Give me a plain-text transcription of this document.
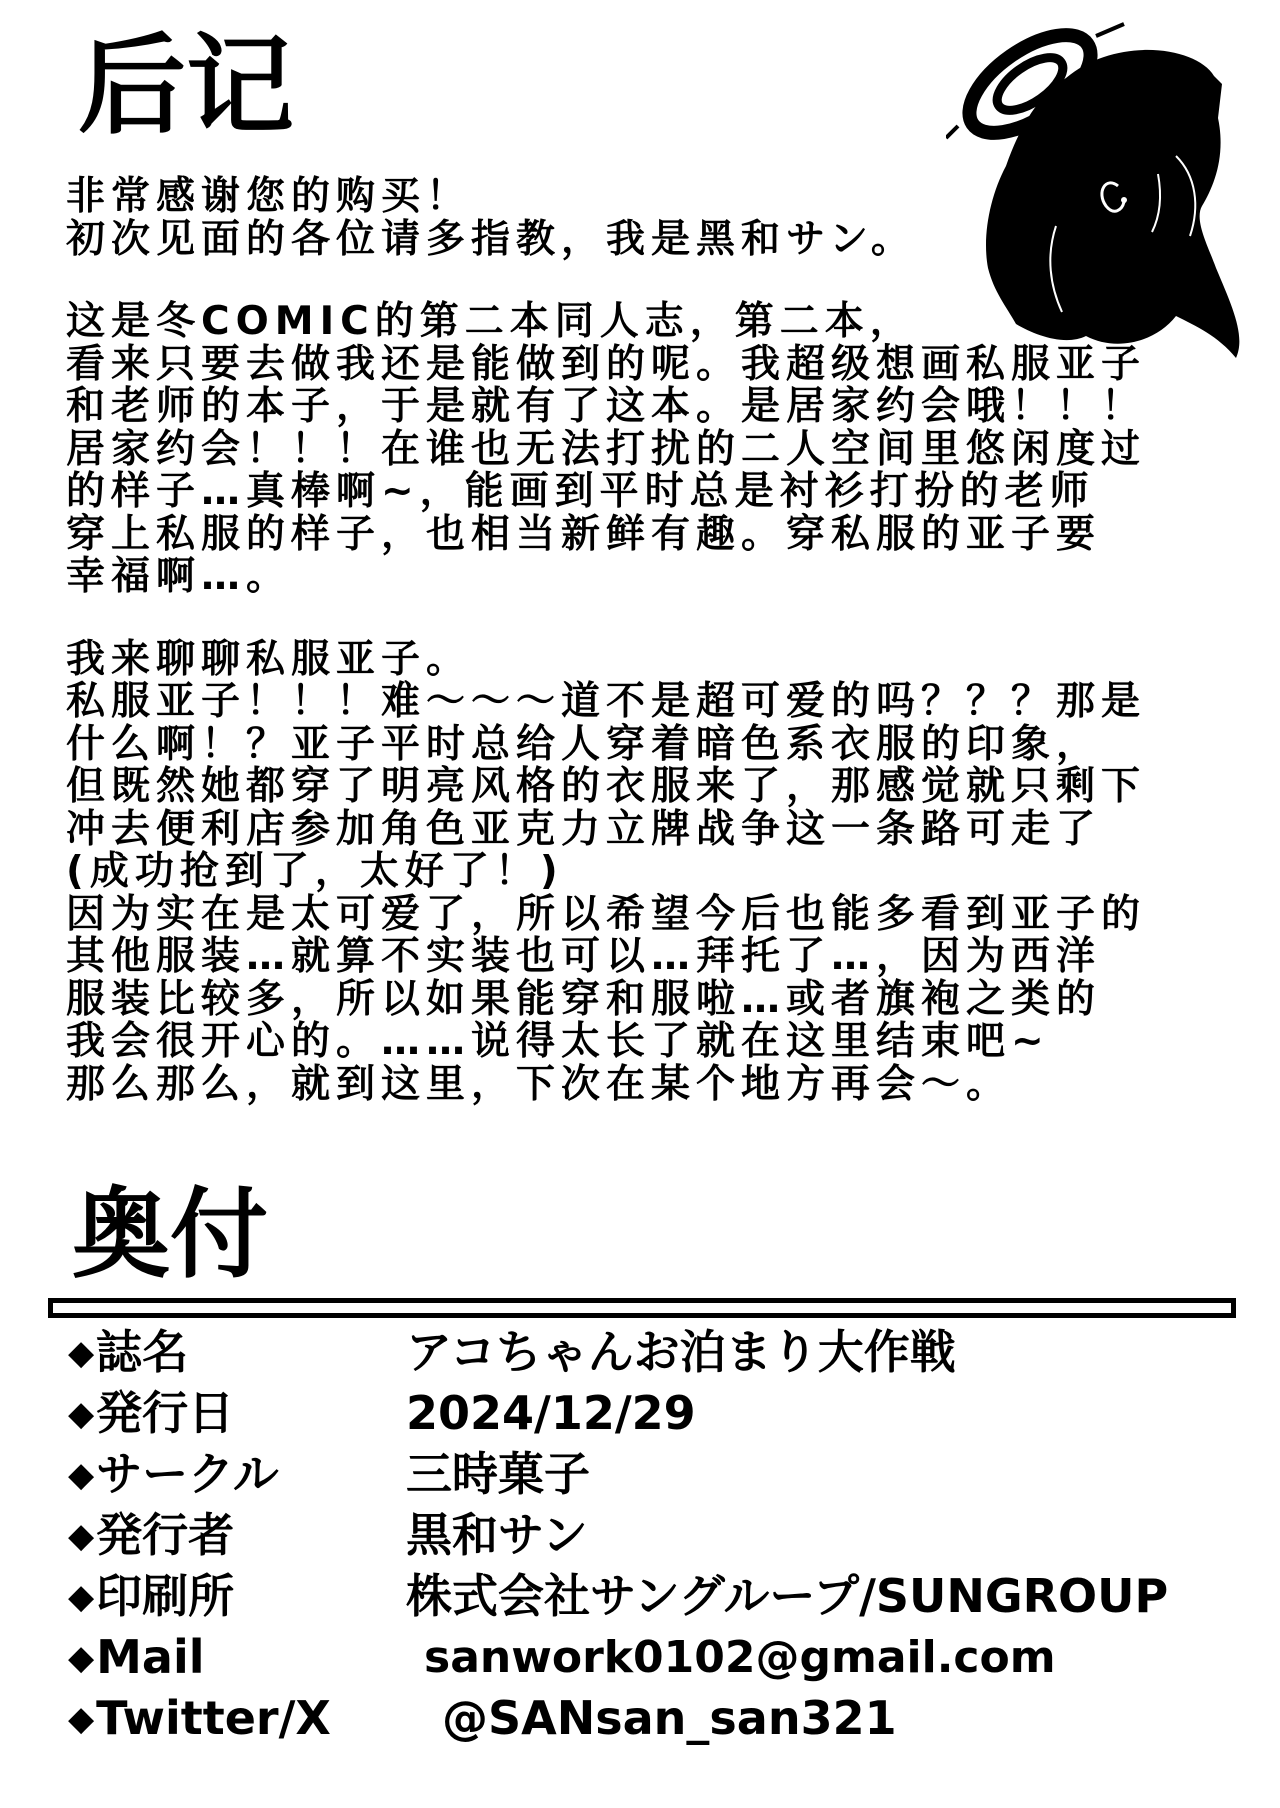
后记

非常感谢您的购买！
初次见面的各位请多指教，我是黑和サン。

这是冬COMIC的第二本同人志，第二本，
看来只要去做我还是能做到的呢。我超级想画私服亚子
和老师的本子，于是就有了这本。是居家约会哦！！！
居家约会！！！在谁也无法打扰的二人空间里悠闲度过
的样子…真棒啊~，能画到平时总是衬衫打扮的老师
穿上私服的样子，也相当新鲜有趣。穿私服的亚子要
幸福啊…。

我来聊聊私服亚子。
私服亚子！！！难～～～道不是超可爱的吗？？？那是
什么啊！？亚子平时总给人穿着暗色系衣服的印象，
但既然她都穿了明亮风格的衣服来了，那感觉就只剩下
冲去便利店参加角色亚克力立牌战争这一条路可走了
(成功抢到了，太好了！)
因为实在是太可爱了，所以希望今后也能多看到亚子的
其他服装…就算不实装也可以…拜托了…，因为西洋
服装比较多，所以如果能穿和服啦…或者旗袍之类的
我会很开心的。……说得太长了就在这里结束吧~
那么那么，就到这里，下次在某个地方再会～。

奥付
◆誌名	アコちゃんお泊まり大作戦
◆発行日	2024/12/29
◆サークル	三時菓子
◆発行者	黒和サン
◆印刷所	株式会社サングループ/SUNGROUP
◆Mail	sanwork0102@gmail.com
◆Twitter/X @SANsan_san321
